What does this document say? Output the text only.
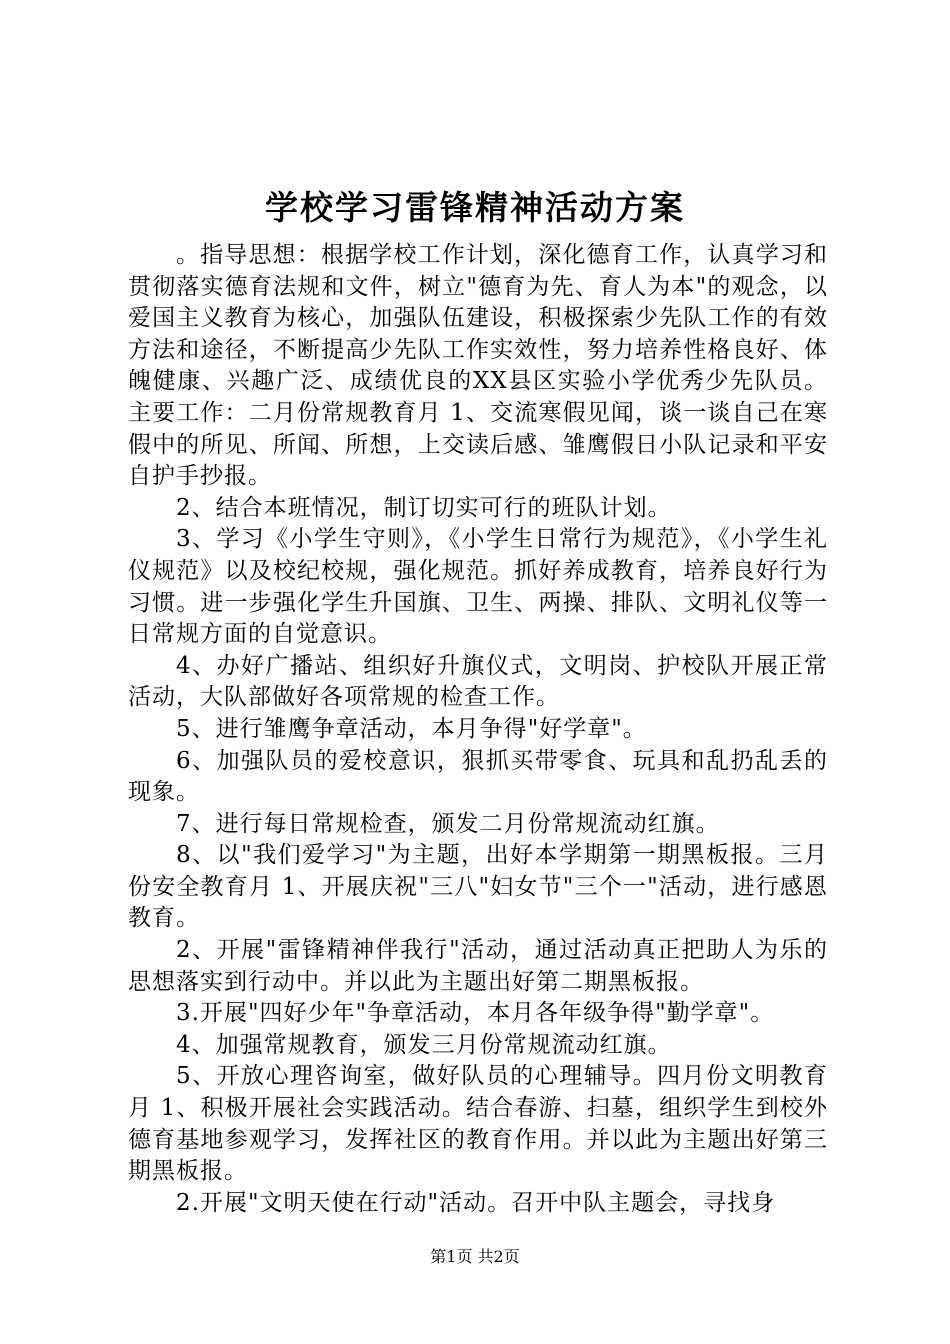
学校学习雷锋精神活动方案

。指导思想：根据学校工作计划，深化德育工作，认真学习和贯彻落实德育法规和文件，树立"德育为先、育人为本"的观念，以爱国主义教育为核心，加强队伍建设，积极探索少先队工作的有效方法和途径，不断提高少先队工作实效性，努力培养性格良好、体魄健康、兴趣广泛、成绩优良的XX县区实验小学优秀少先队员。主要工作：二月份常规教育月 1、交流寒假见闻，谈一谈自己在寒假中的所见、所闻、所想，上交读后感、雏鹰假日小队记录和平安自护手抄报。

2、结合本班情况，制订切实可行的班队计划。

3、学习《小学生守则》，《小学生日常行为规范》，《小学生礼仪规范》以及校纪校规，强化规范。抓好养成教育，培养良好行为习惯。进一步强化学生升国旗、卫生、两操、排队、文明礼仪等一日常规方面的自觉意识。

4、办好广播站、组织好升旗仪式，文明岗、护校队开展正常活动，大队部做好各项常规的检查工作。

5、进行雏鹰争章活动，本月争得"好学章"。

6、加强队员的爱校意识，狠抓买带零食、玩具和乱扔乱丢的现象。

7、进行每日常规检查，颁发二月份常规流动红旗。

8、以"我们爱学习"为主题，出好本学期第一期黑板报。三月份安全教育月 1、开展庆祝"三八"妇女节"三个一"活动，进行感恩教育。

2、开展"雷锋精神伴我行"活动，通过活动真正把助人为乐的思想落实到行动中。并以此为主题出好第二期黑板报。

3.开展"四好少年"争章活动，本月各年级争得"勤学章"。

4、加强常规教育，颁发三月份常规流动红旗。

5、开放心理咨询室，做好队员的心理辅导。四月份文明教育月 1、积极开展社会实践活动。结合春游、扫墓，组织学生到校外德育基地参观学习，发挥社区的教育作用。并以此为主题出好第三期黑板报。

2.开展"文明天使在行动"活动。召开中队主题会，寻找身

第1页 共2页
